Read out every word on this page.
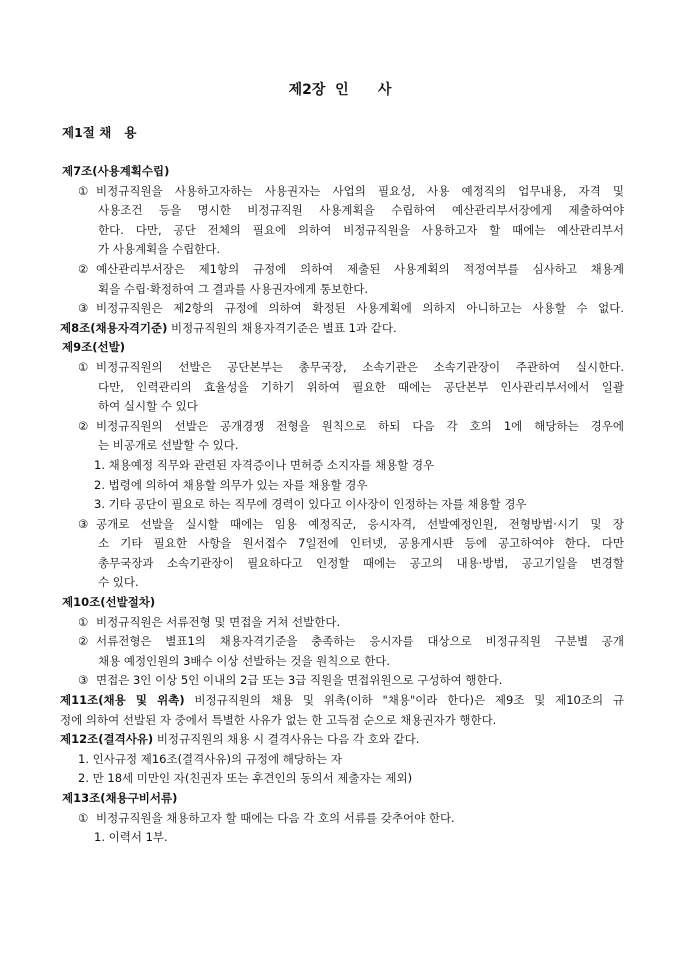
제2장  인      사
제1절 채   용
제7조(사용계획수립)
① 비정규직원을 사용하고자하는 사용권자는 사업의 필요성, 사용 예정직의 업무내용, 자격 및
사용조건 등을 명시한 비정규직원 사용계획을 수립하여 예산관리부서장에게 제출하여야
한다. 다만, 공단 전체의 필요에 의하여 비정규직원을 사용하고자 할 때에는 예산관리부서
가 사용계획을 수립한다.
② 예산관리부서장은 제1항의 규정에 의하여 제출된 사용계획의 적정여부를 심사하고 채용계
획을 수립·확정하여 그 결과를 사용권자에게 통보한다.
③ 비정규직원은 제2항의 규정에 의하여 확정된 사용계획에 의하지 아니하고는 사용할 수 없다.
제8조(채용자격기준) 비정규직원의 채용자격기준은 별표 1과 같다.
제9조(선발)
① 비정규직원의 선발은 공단본부는 총무국장, 소속기관은 소속기관장이 주관하여 실시한다.
다만, 인력관리의 효율성을 기하기 위하여 필요한 때에는 공단본부 인사관리부서에서 일괄
하여 실시할 수 있다
② 비정규직원의 선발은 공개경쟁 전형을 원칙으로 하되 다음 각 호의 1에 해당하는 경우에
는 비공개로 선발할 수 있다.
1. 채용예정 직무와 관련된 자격증이나 면허증 소지자를 채용할 경우
2. 법령에 의하여 채용할 의무가 있는 자를 채용할 경우
3. 기타 공단이 필요로 하는 직무에 경력이 있다고 이사장이 인정하는 자를 채용할 경우
③ 공개로 선발을 실시할 때에는 임용 예정직군, 응시자격, 선발예정인원, 전형방법·시기 및 장
소 기타 필요한 사항을 원서접수 7일전에 인터넷, 공용게시판 등에 공고하여야 한다. 다만
총무국장과 소속기관장이 필요하다고 인정할 때에는 공고의 내용·방법, 공고기일을 변경할
수 있다.
제10조(선발절차)
① 비정규직원은 서류전형 및 면접을 거쳐 선발한다.
② 서류전형은 별표1의 채용자격기준을 충족하는 응시자를 대상으로 비정규직원 구분별 공개
채용 예정인원의 3배수 이상 선발하는 것을 원칙으로 한다.
③ 면접은 3인 이상 5인 이내의 2급 또는 3급 직원을 면접위원으로 구성하여 행한다.
제11조(채용 및 위촉) 비정규직원의 채용 및 위촉(이하 "채용"이라 한다)은 제9조 및 제10조의 규
정에 의하여 선발된 자 중에서 특별한 사유가 없는 한 고득점 순으로 채용권자가 행한다.
제12조(결격사유) 비정규직원의 채용 시 결격사유는 다음 각 호와 같다.
1. 인사규정 제16조(결격사유)의 규정에 해당하는 자
2. 만 18세 미만인 자(친권자 또는 후견인의 동의서 제출자는 제외)
제13조(채용구비서류)
① 비정규직원을 채용하고자 할 때에는 다음 각 호의 서류를 갖추어야 한다.
1. 이력서 1부.
